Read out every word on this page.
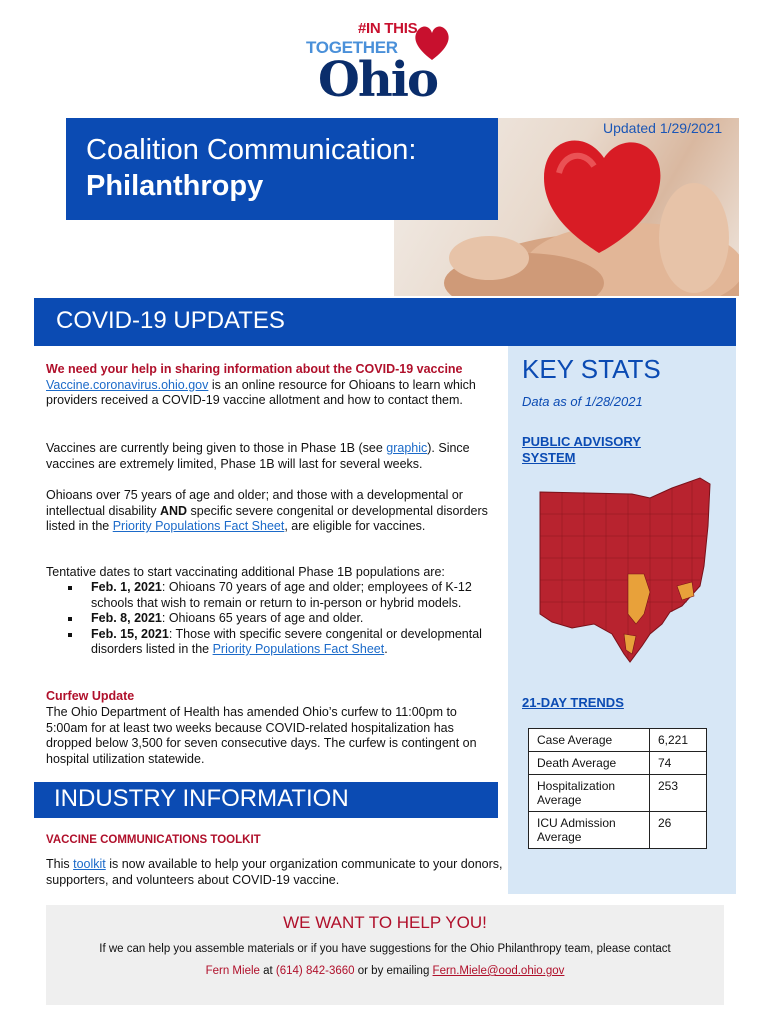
#IN THIS
TOGETHER
Ohio
Coalition Communication:
Philanthropy
Updated 1/29/2021
COVID-19 UPDATES
KEY STATS
Data as of 1/28/2021
PUBLIC ADVISORY SYSTEM
21-DAY TRENDS
Case Average	6,221
Death Average	74
Hospitalization Average	253
ICU Admission Average	26
We need your help in sharing information about the COVID-19 vaccine
Vaccine.coronavirus.ohio.gov is an online resource for Ohioans to learn which providers received a COVID-19 vaccine allotment and how to contact them.
Vaccines are currently being given to those in Phase 1B (see graphic). Since vaccines are extremely limited, Phase 1B will last for several weeks.
Ohioans over 75 years of age and older; and those with a developmental or intellectual disability AND specific severe congenital or developmental disorders listed in the Priority Populations Fact Sheet, are eligible for vaccines.
Tentative dates to start vaccinating additional Phase 1B populations are:
Feb. 1, 2021: Ohioans 70 years of age and older; employees of K-12 schools that wish to remain or return to in-person or hybrid models.
Feb. 8, 2021: Ohioans 65 years of age and older.
Feb. 15, 2021: Those with specific severe congenital or developmental disorders listed in the Priority Populations Fact Sheet.
Curfew Update
The Ohio Department of Health has amended Ohio’s curfew to 11:00pm to 5:00am for at least two weeks because COVID-related hospitalization has dropped below 3,500 for seven consecutive days. The curfew is contingent on hospital utilization statewide.
INDUSTRY INFORMATION
VACCINE COMMUNICATIONS TOOLKIT
This toolkit is now available to help your organization communicate to your donors, supporters, and volunteers about COVID-19 vaccine.
WE WANT TO HELP YOU!
If we can help you assemble materials or if you have suggestions for the Ohio Philanthropy team, please contact
Fern Miele at (614) 842-3660 or by emailing Fern.Miele@ood.ohio.gov
